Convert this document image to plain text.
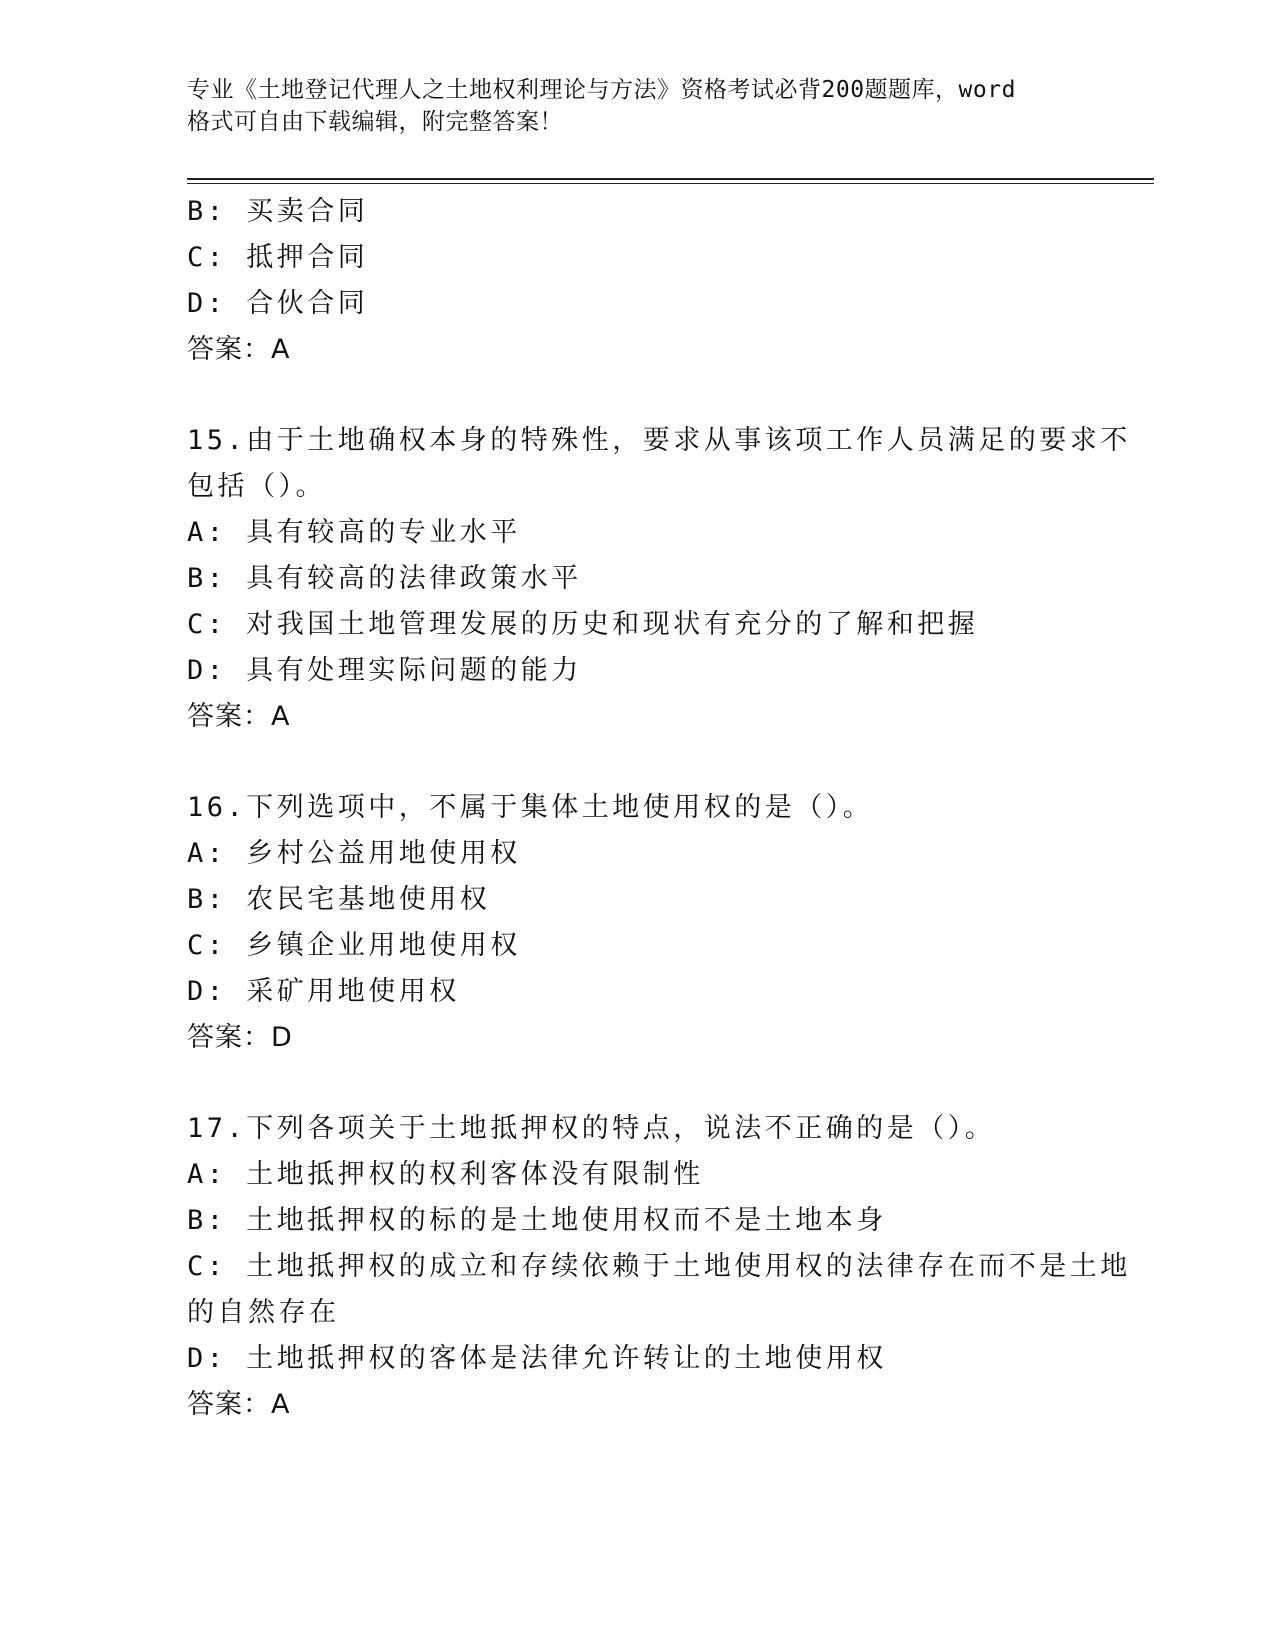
专业《土地登记代理人之土地权利理论与方法》资格考试必背200题题库，word
格式可自由下载编辑，附完整答案！
B: 买卖合同
C: 抵押合同
D: 合伙合同
答案：A
15.由于土地确权本身的特殊性，要求从事该项工作人员满足的要求不
包括（）。
A: 具有较高的专业水平
B: 具有较高的法律政策水平
C: 对我国土地管理发展的历史和现状有充分的了解和把握
D: 具有处理实际问题的能力
答案：A
16.下列选项中，不属于集体土地使用权的是（）。
A: 乡村公益用地使用权
B: 农民宅基地使用权
C: 乡镇企业用地使用权
D: 采矿用地使用权
答案：D
17.下列各项关于土地抵押权的特点，说法不正确的是（）。
A: 土地抵押权的权利客体没有限制性
B: 土地抵押权的标的是土地使用权而不是土地本身
C: 土地抵押权的成立和存续依赖于土地使用权的法律存在而不是土地
的自然存在
D: 土地抵押权的客体是法律允许转让的土地使用权
答案：A
